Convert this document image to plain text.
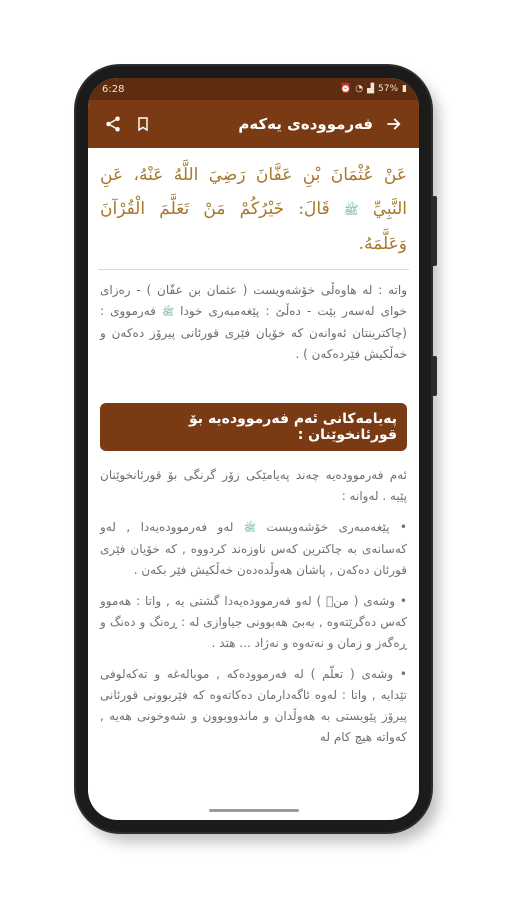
6:28	⏰ ◔ ▟ 57% ▮
فەرموودەی یەکەم
عَنْ عُثْمَانَ بْنِ عَفَّانَ رَضِيَ اللَّهُ عَنْهُ، عَنِ النَّبِيِّ ﷺ قَالَ: خَيْرُكُمْ مَنْ تَعَلَّمَ الْقُرْآنَ وَعَلَّمَهُ.
واتە : لە هاوەڵی خۆشەویست ( عثمان بن عفّان ) - رەزای خوای لەسەر بێت - دەڵێ : پێغەمبەری خودا ﷺ فەرمووی : (چاکترینتان ئەوانەن کە خۆیان فێری قورئانی پیرۆز دەکەن و خەڵکیش فێردەکەن ) .
پەیامەکانی ئەم فەرموودەیە بۆ قورئانخوێنان :

ئەم فەرموودەیە چەند پەیامێکی زۆر گرنگی بۆ قورئانخوێنان پێیە . لەوانە :

• پێغەمبەری خۆشەویست ﷺ لەو فەرموودەیەدا , لەو کەسانەی بە چاکترین کەس ناوزەند کردووە , کە خۆیان فێری قورئان دەکەن , پاشان هەوڵدەدەن خەڵکیش فێر بکەن .

• وشەی ( منٙ ) لەو فەرموودەیەدا گشتی یە , واتا : هەموو کەس دەگرێتەوە , بەبێ هەبوونی جیاوازی لە : ڕەنگ و دەنگ و ڕەگەز و زمان و نەتەوە و نەژاد ... هتد .

• وشەی ( تعلّم ) لە فەرموودەکە , موبالەغە و تەکەلوفی تێدایە , واتا : لەوە ئاگەدارمان دەکاتەوە کە فێربوونی قورئانی پیرۆز پێویستی بە هەوڵدان و ماندووبوون و شەوخونی هەیە , کەواتە هیچ کام لە
